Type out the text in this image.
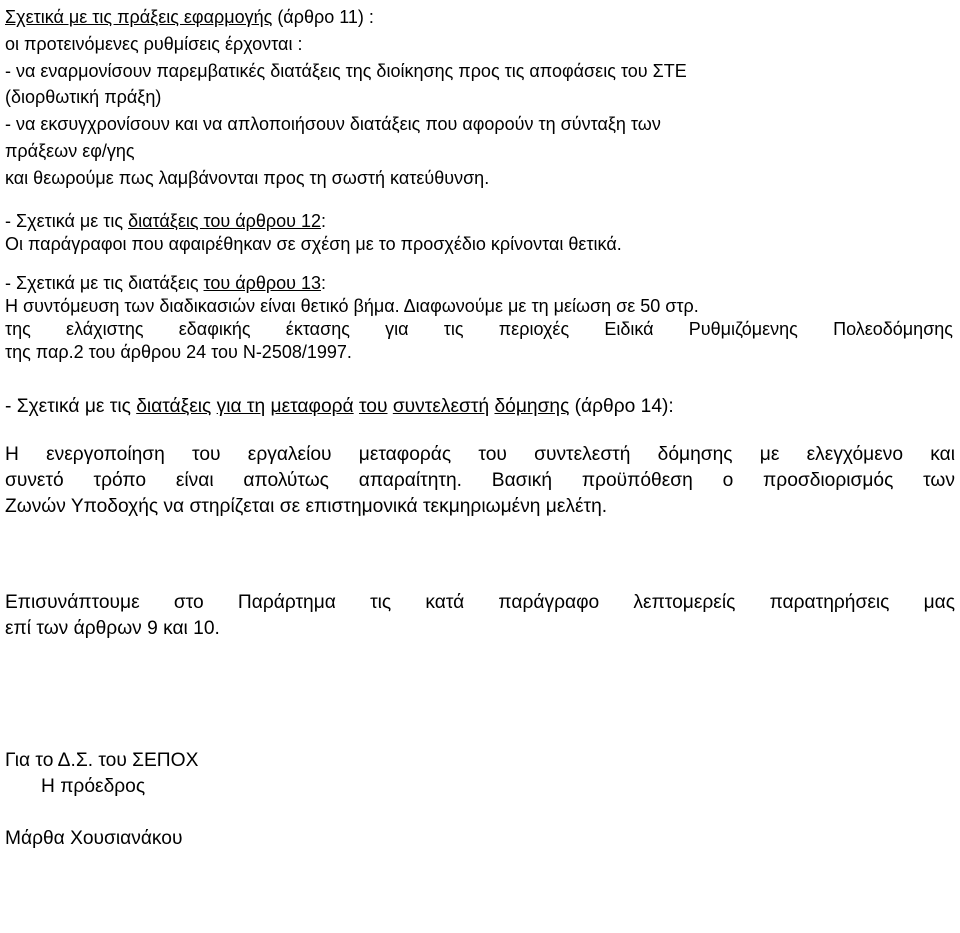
Σχετικά με τις πράξεις εφαρμογής (άρθρο 11) :
οι προτεινόμενες ρυθμίσεις έρχονται :
- να εναρμονίσουν παρεμβατικές διατάξεις της διοίκησης προς τις αποφάσεις του ΣΤΕ
(διορθωτική πράξη)
- να εκσυγχρονίσουν και να απλοποιήσουν διατάξεις που αφορούν τη σύνταξη των
πράξεων εφ/γης
και θεωρούμε πως λαμβάνονται προς τη σωστή κατεύθυνση.
- Σχετικά με τις διατάξεις του άρθρου 12:
Οι παράγραφοι που αφαιρέθηκαν σε σχέση με το προσχέδιο κρίνονται θετικά.
- Σχετικά με τις διατάξεις του άρθρου 13:
Η συντόμευση των διαδικασιών είναι θετικό βήμα. Διαφωνούμε με τη μείωση σε 50 στρ.
της ελάχιστης εδαφικής έκτασης για τις περιοχές Ειδικά Ρυθμιζόμενης Πολεοδόμησης
της παρ.2 του άρθρου 24 του Ν-2508/1997.
- Σχετικά με τις διατάξεις για τη μεταφορά του συντελεστή δόμησης (άρθρο 14):
Η ενεργοποίηση του εργαλείου μεταφοράς του συντελεστή δόμησης με ελεγχόμενο και
συνετό τρόπο είναι απολύτως απαραίτητη. Βασική προϋπόθεση ο προσδιορισμός των
Ζωνών Υποδοχής να στηρίζεται σε επιστημονικά τεκμηριωμένη μελέτη.
Επισυνάπτουμε στο Παράρτημα τις κατά παράγραφο λεπτομερείς παρατηρήσεις μας
επί των άρθρων 9 και 10.
Για το Δ.Σ. του ΣΕΠΟΧ
Η πρόεδρος
Μάρθα Χουσιανάκου
